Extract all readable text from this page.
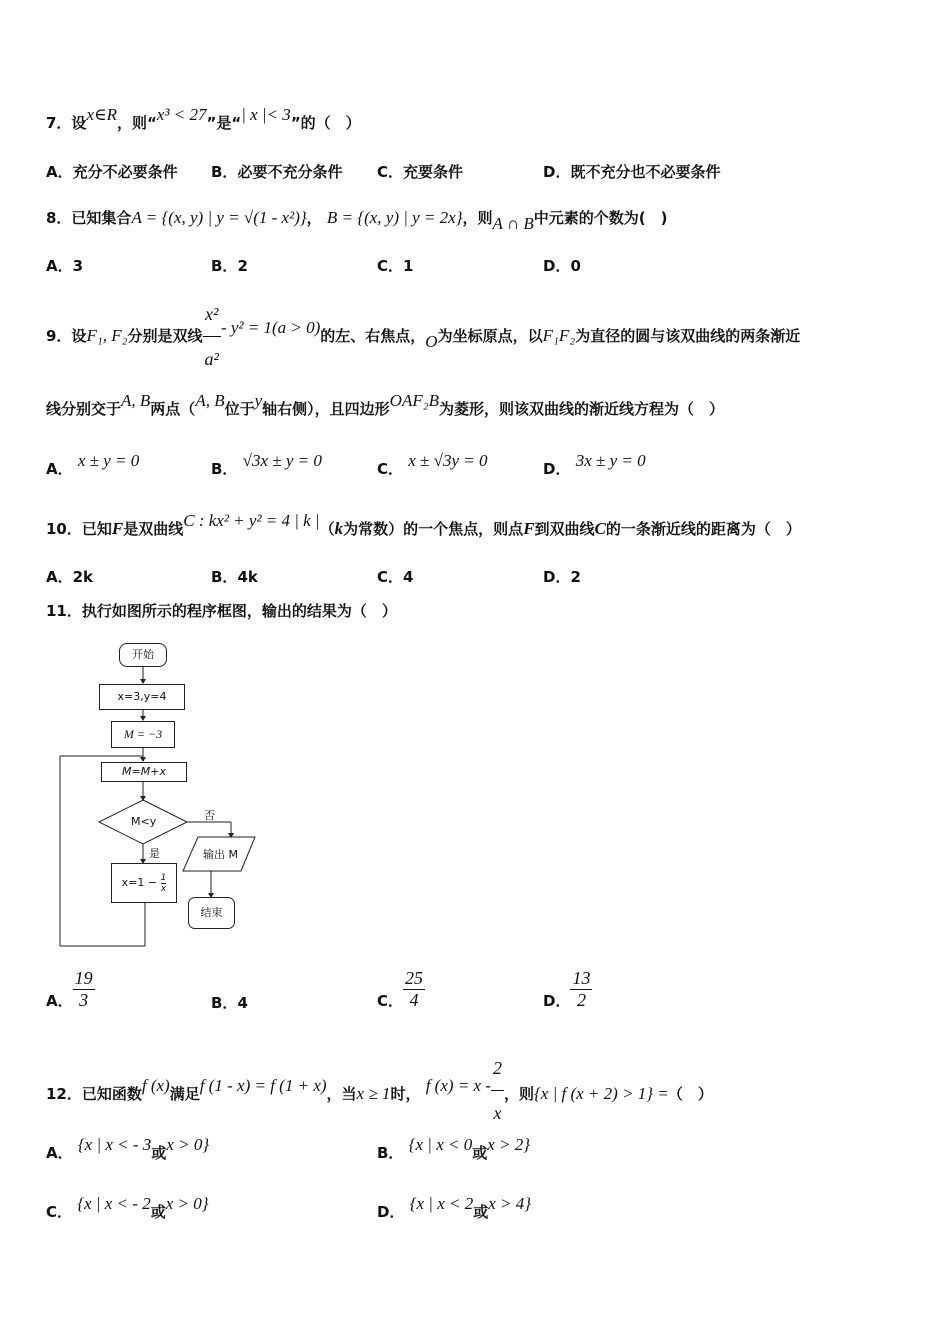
7．设x∈R，则“x³ < 27”是“| x |< 3”的（　）
A．充分不必要条件 B．必要不充分条件 C．充要条件	D．既不充分也不必要条件
8．已知集合A = {(x, y) | y = √(1 - x²)}， B = {(x, y) | y = 2x}，则A ∩ B中元素的个数为(　)
A．3	B．2	C．1	D．0
9．设F₁, F₂分别是双线 $\frac{\text{x²}}{\text{a²}} - y^2 = 1(a > 0)$的左、右焦点，O为坐标原点，以F₁F₂为直径的圆与该双曲线的两条渐近
线分别交于A, B两点（A, B位于y轴右侧），且四边形OAF₂B为菱形，则该双曲线的渐近线方程为（　）
A． x ± y = 0	B． √3x ± y = 0	C． x ± √3y = 0	D． 3x ± y = 0
10．已知F是双曲线C : kx² + y² = 4 | k |（k为常数）的一个焦点，则点F到双曲线C的一条渐近线的距离为（　）
A．2k	B．4k	C．4	D．2
11．执行如图所示的程序框图，输出的结果为（　）
开始
x=3,y=4
M = −3
M=M+x
M<y	否
是	输出 M
$x=1 - \frac{1}{x}$
结束
A． $\frac{19}{3}$	B．4	C． $\frac{25}{4}$	D． $\frac{13}{2}$
12．已知函数f (x)满足f (1 - x) = f (1 + x)，当x ≥ 1时， f $(x) = x - \frac{2}{x}$ ，则{x | f (x + 2) > 1} =（　）
A． {x | x < - 3或x > 0}	B． {x | x < 0或x > 2}
C． {x | x < - 2或x > 0}	D． {x | x < 2或x > 4}
